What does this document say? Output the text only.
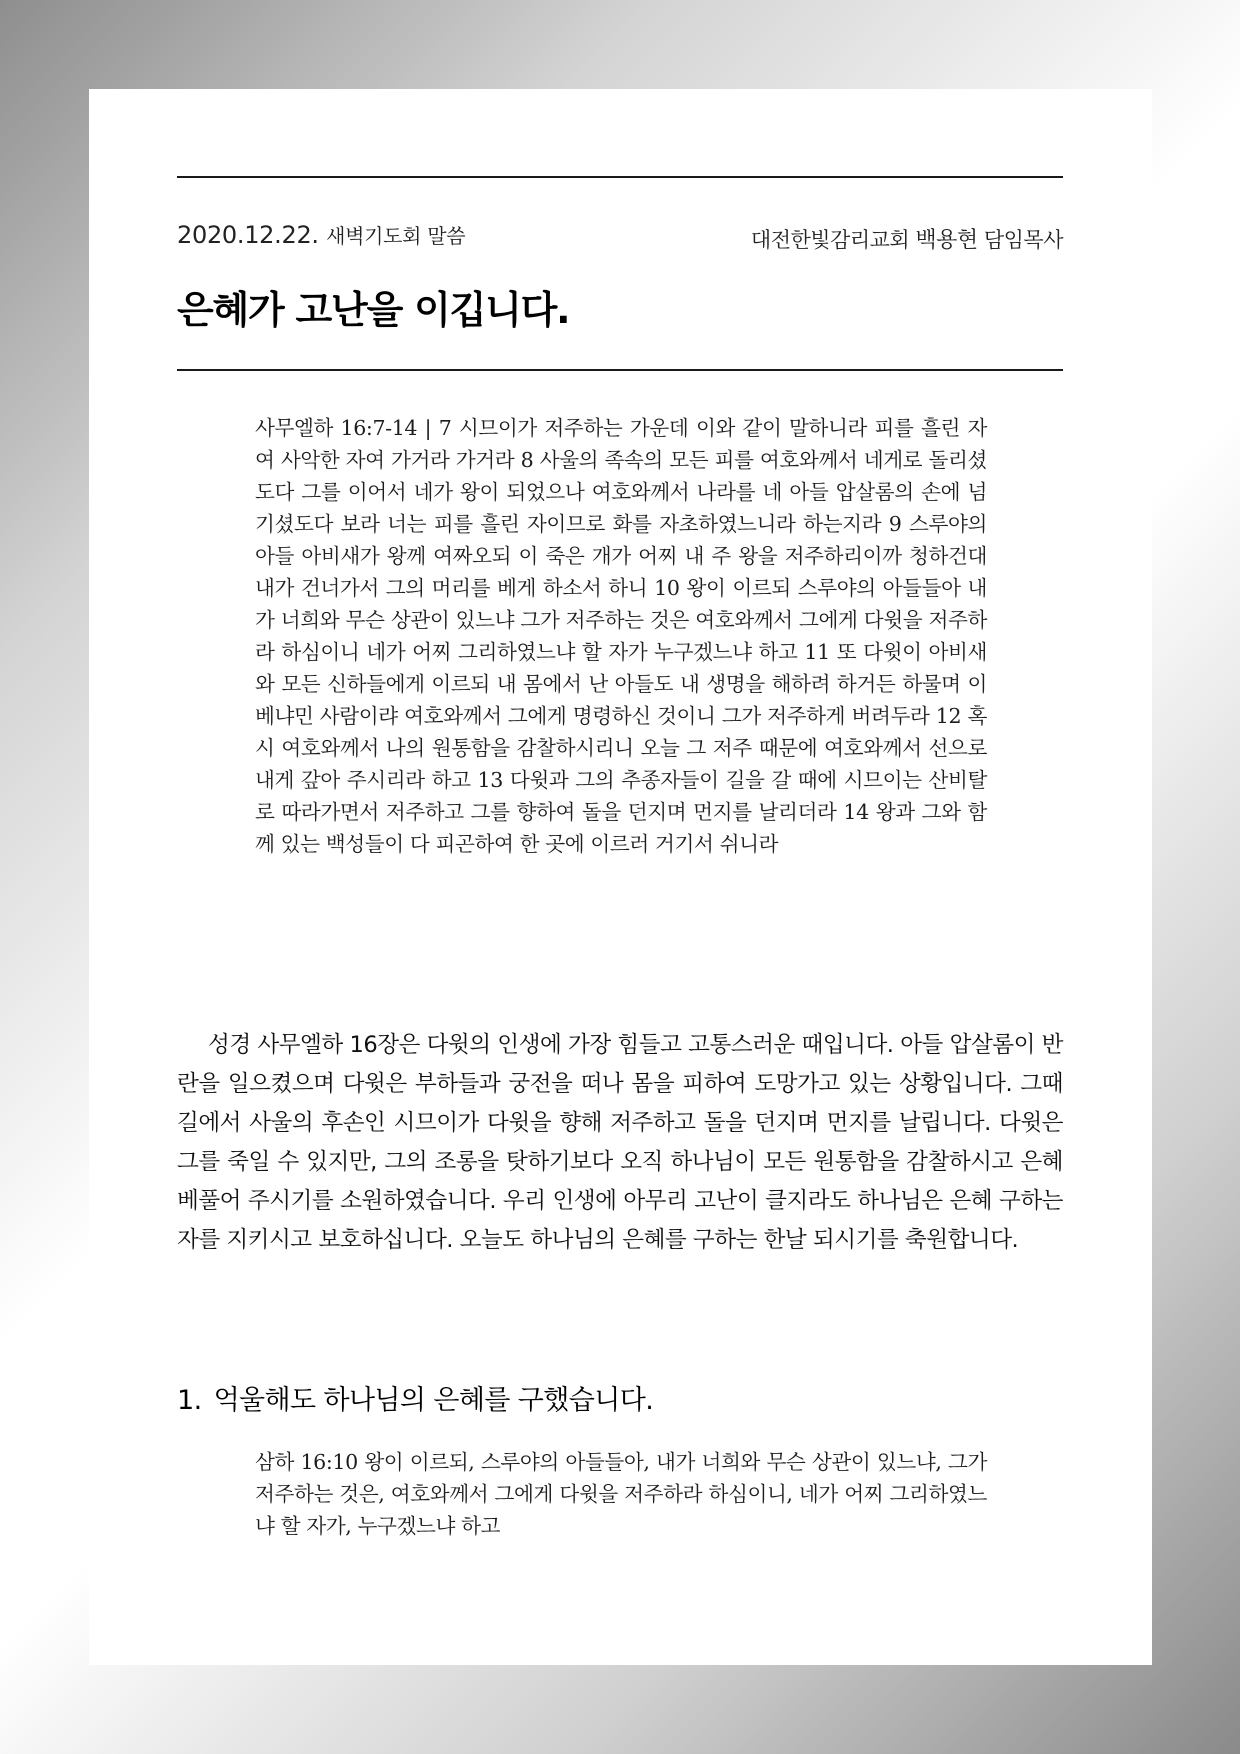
2020.12.22. 새벽기도회 말씀	대전한빛감리교회 백용현 담임목사
은혜가 고난을 이깁니다.

사무엘하 16:7-14 | 7 시므이가 저주하는 가운데 이와 같이 말하니라 피를 흘린 자여 사악한 자여 가거라 가거라 8 사울의 족속의 모든 피를 여호와께서 네게로 돌리셨도다 그를 이어서 네가 왕이 되었으나 여호와께서 나라를 네 아들 압살롬의 손에 넘기셨도다 보라 너는 피를 흘린 자이므로 화를 자초하였느니라 하는지라 9 스루야의 아들 아비새가 왕께 여짜오되 이 죽은 개가 어찌 내 주 왕을 저주하리이까 청하건대 내가 건너가서 그의 머리를 베게 하소서 하니 10 왕이 이르되 스루야의 아들들아 내가 너희와 무슨 상관이 있느냐 그가 저주하는 것은 여호와께서 그에게 다윗을 저주하라 하심이니 네가 어찌 그리하였느냐 할 자가 누구겠느냐 하고 11 또 다윗이 아비새와 모든 신하들에게 이르되 내 몸에서 난 아들도 내 생명을 해하려 하거든 하물며 이 베냐민 사람이랴 여호와께서 그에게 명령하신 것이니 그가 저주하게 버려두라 12 혹시 여호와께서 나의 원통함을 감찰하시리니 오늘 그 저주 때문에 여호와께서 선으로 내게 갚아 주시리라 하고 13 다윗과 그의 추종자들이 길을 갈 때에 시므이는 산비탈로 따라가면서 저주하고 그를 향하여 돌을 던지며 먼지를 날리더라 14 왕과 그와 함께 있는 백성들이 다 피곤하여 한 곳에 이르러 거기서 쉬니라

성경 사무엘하 16장은 다윗의 인생에 가장 힘들고 고통스러운 때입니다. 아들 압살롬이 반란을 일으켰으며 다윗은 부하들과 궁전을 떠나 몸을 피하여 도망가고 있는 상황입니다. 그때 길에서 사울의 후손인 시므이가 다윗을 향해 저주하고 돌을 던지며 먼지를 날립니다. 다윗은 그를 죽일 수 있지만, 그의 조롱을 탓하기보다 오직 하나님이 모든 원통함을 감찰하시고 은혜 베풀어 주시기를 소원하였습니다. 우리 인생에 아무리 고난이 클지라도 하나님은 은혜 구하는 자를 지키시고 보호하십니다. 오늘도 하나님의 은혜를 구하는 한날 되시기를 축원합니다.

1. 억울해도 하나님의 은혜를 구했습니다.

삼하 16:10 왕이 이르되, 스루야의 아들들아, 내가 너희와 무슨 상관이 있느냐, 그가 저주하는 것은, 여호와께서 그에게 다윗을 저주하라 하심이니, 네가 어찌 그리하였느냐 할 자가, 누구겠느냐 하고
